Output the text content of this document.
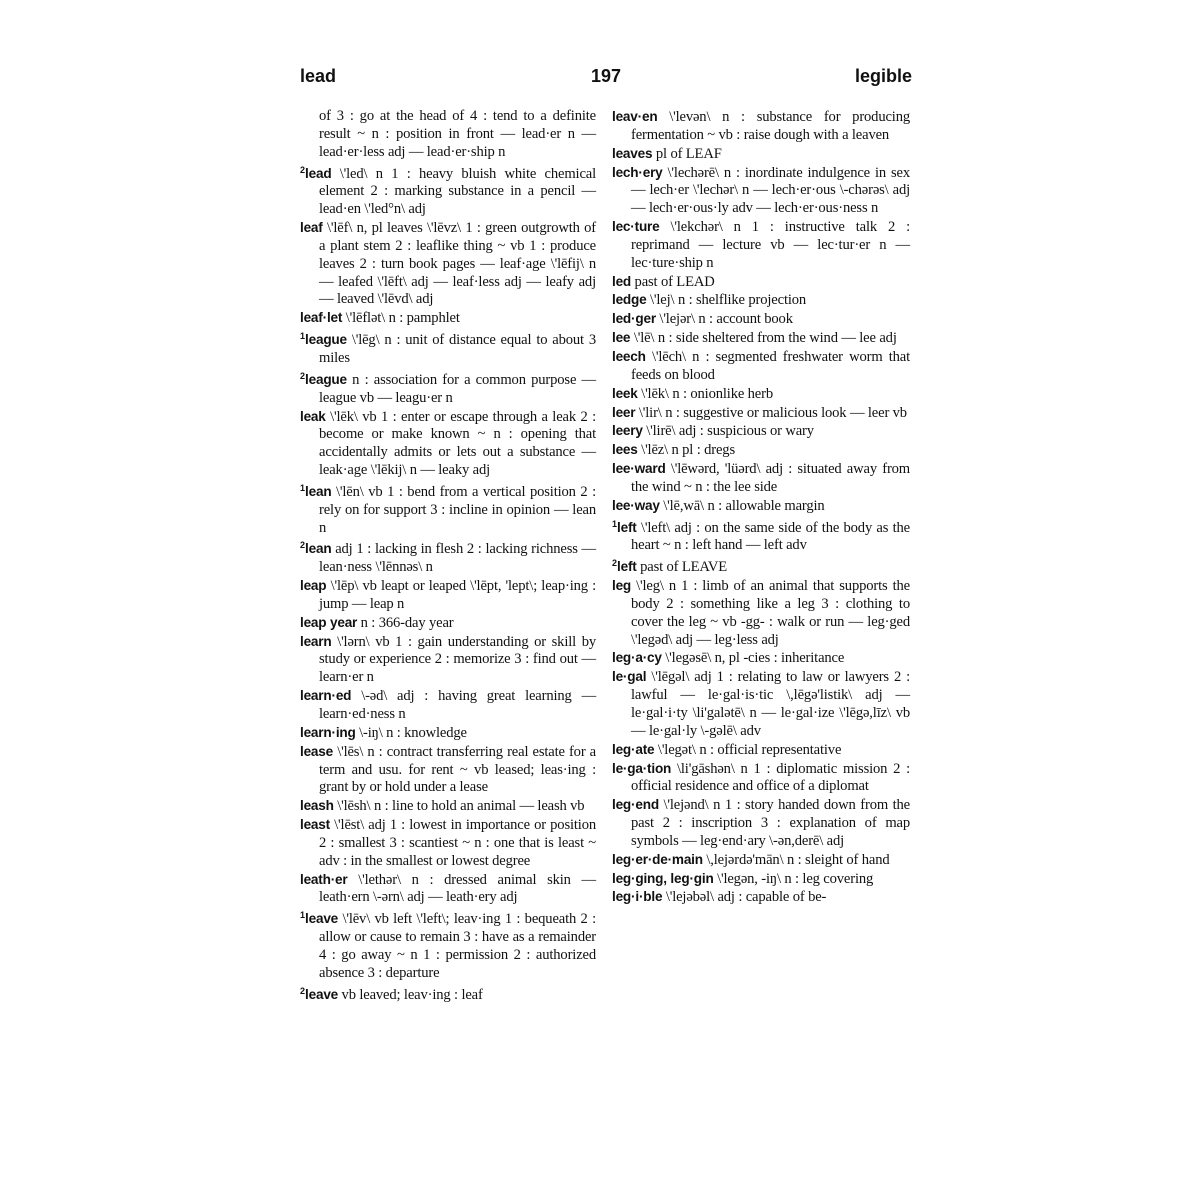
lead	197	legible

of 3 : go at the head of 4 : tend to a definite result ~ n : position in front — lead·er n — lead·er·less adj — lead·er·ship n

$^2$lead \'led\ n 1 : heavy bluish white chemical element 2 : marking substance in a pencil — lead·en \'led°n\ adj

leaf \'lēf\ n, pl leaves \'lēvz\ 1 : green outgrowth of a plant stem 2 : leaflike thing ~ vb 1 : produce leaves 2 : turn book pages — leaf·age \'lēfij\ n — leafed \'lēft\ adj — leaf·less adj — leafy adj — leaved \'lēvd\ adj

leaf·let \'lēflət\ n : pamphlet

$^1$league \'lēg\ n : unit of distance equal to about 3 miles

$^2$league n : association for a common purpose — league vb — leagu·er n

leak \'lēk\ vb 1 : enter or escape through a leak 2 : become or make known ~ n : opening that accidentally admits or lets out a substance — leak·age \'lēkij\ n — leaky adj

$^1$lean \'lēn\ vb 1 : bend from a vertical position 2 : rely on for support 3 : incline in opinion — lean n

$^2$lean adj 1 : lacking in flesh 2 : lacking richness — lean·ness \'lēnnəs\ n

leap \'lēp\ vb leapt or leaped \'lēpt, 'lept\; leap·ing : jump — leap n

leap year n : 366-day year

learn \'lərn\ vb 1 : gain understanding or skill by study or experience 2 : memorize 3 : find out — learn·er n

learn·ed \-əd\ adj : having great learning — learn·ed·ness n

learn·ing \-iŋ\ n : knowledge

lease \'lēs\ n : contract transferring real estate for a term and usu. for rent ~ vb leased; leas·ing : grant by or hold under a lease

leash \'lēsh\ n : line to hold an animal — leash vb

least \'lēst\ adj 1 : lowest in importance or position 2 : smallest 3 : scantiest ~ n : one that is least ~ adv : in the smallest or lowest degree

leath·er \'lethər\ n : dressed animal skin — leath·ern \-ərn\ adj — leath·ery adj

$^1$leave \'lēv\ vb left \'left\; leav·ing 1 : bequeath 2 : allow or cause to remain 3 : have as a remainder 4 : go away ~ n 1 : permission 2 : authorized absence 3 : departure

$^2$leave vb leaved; leav·ing : leaf

leav·en \'levən\ n : substance for producing fermentation ~ vb : raise dough with a leaven

leaves pl of LEAF

lech·ery \'lechərē\ n : inordinate indulgence in sex — lech·er \'lechər\ n — lech·er·ous \-chərəs\ adj — lech·er·ous·ly adv — lech·er·ous·ness n

lec·ture \'lekchər\ n 1 : instructive talk 2 : reprimand — lecture vb — lec·tur·er n — lec·ture·ship n

led past of LEAD

ledge \'lej\ n : shelflike projection

led·ger \'lejər\ n : account book

lee \'lē\ n : side sheltered from the wind — lee adj

leech \'lēch\ n : segmented freshwater worm that feeds on blood

leek \'lēk\ n : onionlike herb

leer \'lir\ n : suggestive or malicious look — leer vb

leery \'lirē\ adj : suspicious or wary

lees \'lēz\ n pl : dregs

lee·ward \'lēwərd, 'lüərd\ adj : situated away from the wind ~ n : the lee side

lee·way \'lē,wā\ n : allowable margin

$^1$left \'left\ adj : on the same side of the body as the heart ~ n : left hand — left adv

$^2$left past of LEAVE

leg \'leg\ n 1 : limb of an animal that supports the body 2 : something like a leg 3 : clothing to cover the leg ~ vb -gg- : walk or run — leg·ged \'legəd\ adj — leg·less adj

leg·a·cy \'legəsē\ n, pl -cies : inheritance

le·gal \'lēgəl\ adj 1 : relating to law or lawyers 2 : lawful — le·gal·is·tic \,lēgə'listik\ adj — le·gal·i·ty \li'galətē\ n — le·gal·ize \'lēgə,līz\ vb — le·gal·ly \-gəlē\ adv

leg·ate \'legət\ n : official representative

le·ga·tion \li'gāshən\ n 1 : diplomatic mission 2 : official residence and office of a diplomat

leg·end \'lejənd\ n 1 : story handed down from the past 2 : inscription 3 : explanation of map symbols — leg·end·ary \-ən,derē\ adj

leg·er·de·main \,lejərdə'mān\ n : sleight of hand

leg·ging, leg·gin \'legən, -iŋ\ n : leg covering

leg·i·ble \'lejəbəl\ adj : capable of be-
